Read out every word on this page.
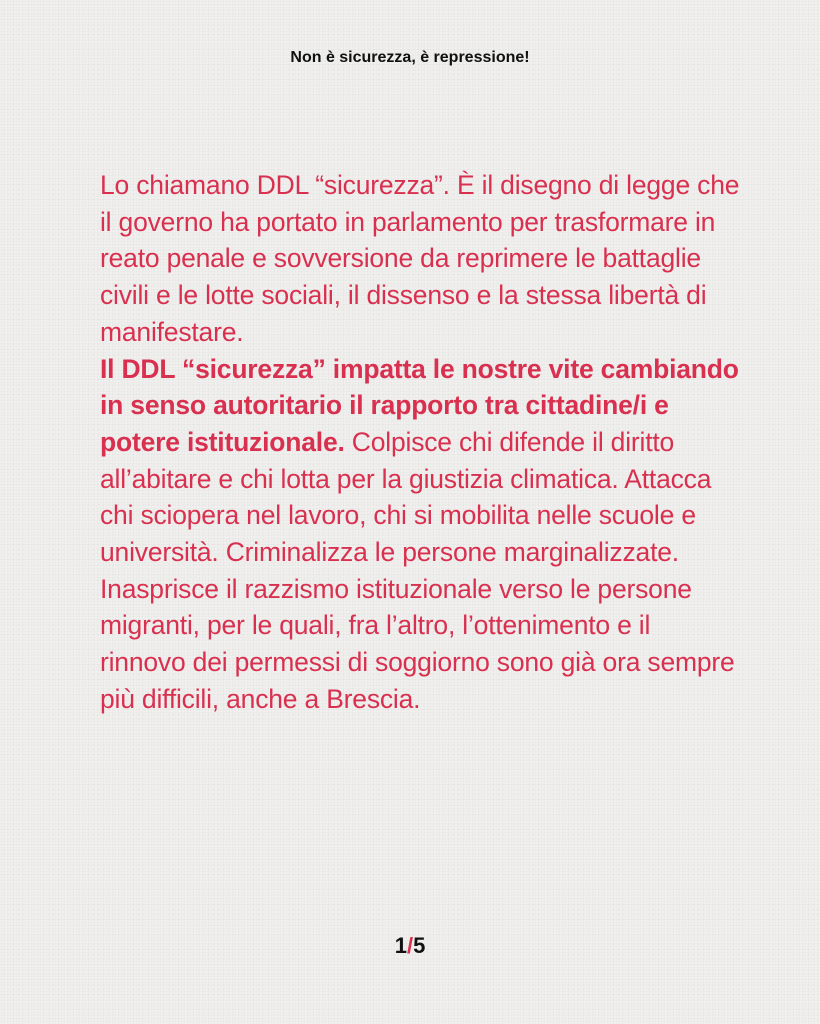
Non è sicurezza, è repressione!

Lo chiamano DDL “sicurezza”. È il disegno di legge che il governo ha portato in parlamento per trasformare in reato penale e sovversione da reprimere le battaglie civili e le lotte sociali, il dissenso e la stessa libertà di manifestare.

Il DDL “sicurezza” impatta le nostre vite cambiando in senso autoritario il rapporto tra cittadine/i e potere istituzionale. Colpisce chi difende il diritto all’abitare e chi lotta per la giustizia climatica. Attacca chi sciopera nel lavoro, chi si mobilita nelle scuole e università. Criminalizza le persone marginalizzate. Inasprisce il razzismo istituzionale verso le persone migranti, per le quali, fra l’altro, l’ottenimento e il rinnovo dei permessi di soggiorno sono già ora sempre più difficili, anche a Brescia.

1/5
